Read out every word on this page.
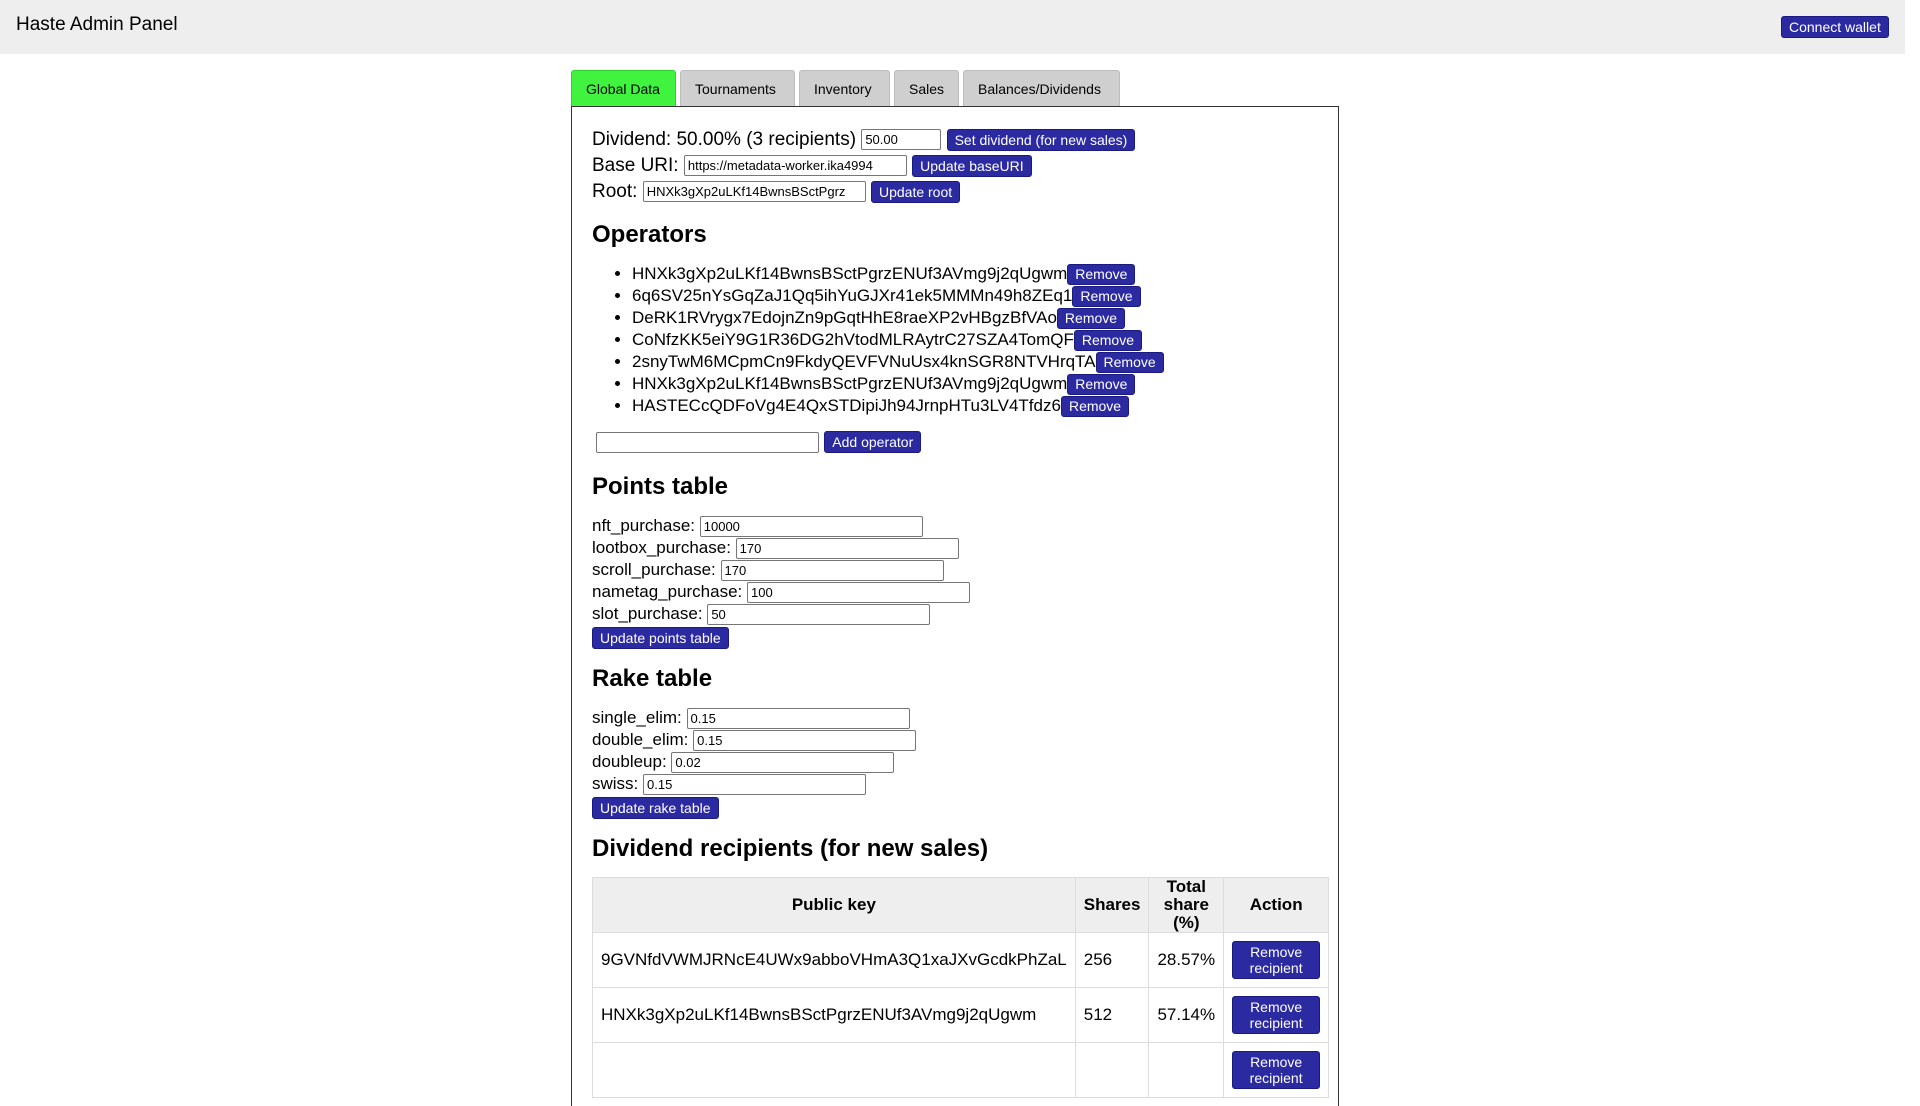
Haste Admin Panel	Connect wallet
Global Data	Tournaments	Inventory	Sales	Balances/Dividends
Dividend: 50.00% (3 recipients) 50.00	Set dividend (for new sales)
Base URI: https://metadata-worker.ika4994	Update baseURI
Root: HNXk3gXp2uLKf14BwnsBSctPgrz	Update root
Operators
• HNXk3gXp2uLKf14BwnsBSctPgrzENUf3AVmg9j2qUgwm Remove
• 6q6SV25nYsGqZaJ1Qq5ihYuGJXr41ek5MMMn49h8ZEq1 Remove
• DeRK1RVrygx7EdojnZn9pGqtHhE8raeXP2vHBgzBfVAo Remove
• CoNfzKK5eiY9G1R36DG2hVtodMLRAytrC27SZA4TomQF Remove
• 2snyTwM6MCpmCn9FkdyQEVFVNuUsx4knSGR8NTVHrqTA Remove
• HNXk3gXp2uLKf14BwnsBSctPgrzENUf3AVmg9j2qUgwm Remove
• HASTECcQDFoVg4E4QxSTDipiJh94JrnpHTu3LV4Tfdz6 Remove
Add operator
Points table
nft_purchase: 10000
lootbox_purchase: 170
scroll_purchase: 170
nametag_purchase: 100
slot_purchase: 50
Update points table
Rake table
single_elim: 0.15
double_elim: 0.15
doubleup: 0.02
swiss: 0.15
Update rake table
Dividend recipients (for new sales)
Public key	Shares	Total share (%)	Action
9GVNfdVWMJRNcE4UWx9abboVHmA3Q1xaJXvGcdkPhZaL	256	28.57%	Remove recipient
HNXk3gXp2uLKf14BwnsBSctPgrzENUf3AVmg9j2qUgwm	512	57.14%	Remove recipient
			Remove recipient
